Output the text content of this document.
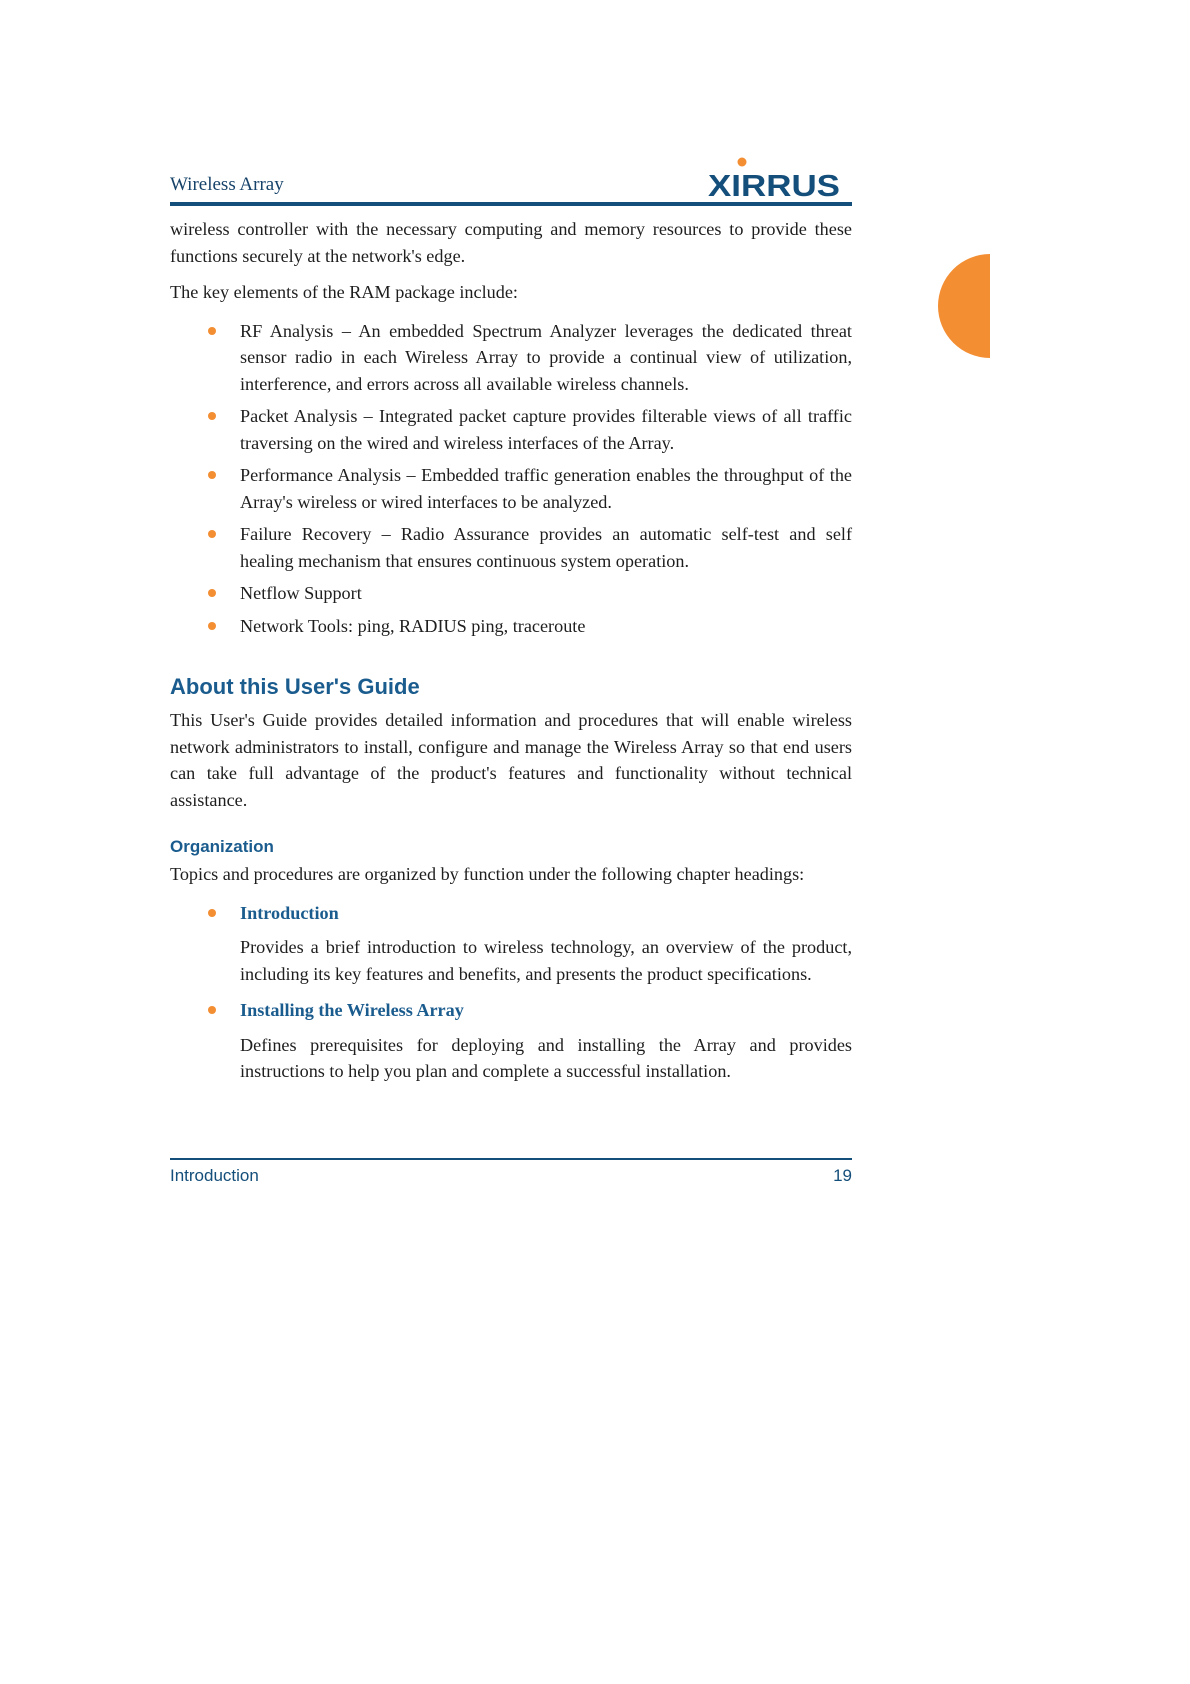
Wireless Array	XIRRUS

wireless controller with the necessary computing and memory resources to provide these functions securely at the network's edge.

The key elements of the RAM package include:

RF Analysis – An embedded Spectrum Analyzer leverages the dedicated threat sensor radio in each Wireless Array to provide a continual view of utilization, interference, and errors across all available wireless channels.
Packet Analysis – Integrated packet capture provides filterable views of all traffic traversing on the wired and wireless interfaces of the Array.
Performance Analysis – Embedded traffic generation enables the throughput of the Array's wireless or wired interfaces to be analyzed.
Failure Recovery – Radio Assurance provides an automatic self-test and self healing mechanism that ensures continuous system operation.
Netflow Support
Network Tools: ping, RADIUS ping, traceroute
About this User's Guide

This User's Guide provides detailed information and procedures that will enable wireless network administrators to install, configure and manage the Wireless Array so that end users can take full advantage of the product's features and functionality without technical assistance.

Organization

Topics and procedures are organized by function under the following chapter headings:

Introduction
Provides a brief introduction to wireless technology, an overview of the product, including its key features and benefits, and presents the product specifications.
Installing the Wireless Array
Defines prerequisites for deploying and installing the Array and provides instructions to help you plan and complete a successful installation.
Introduction	19
